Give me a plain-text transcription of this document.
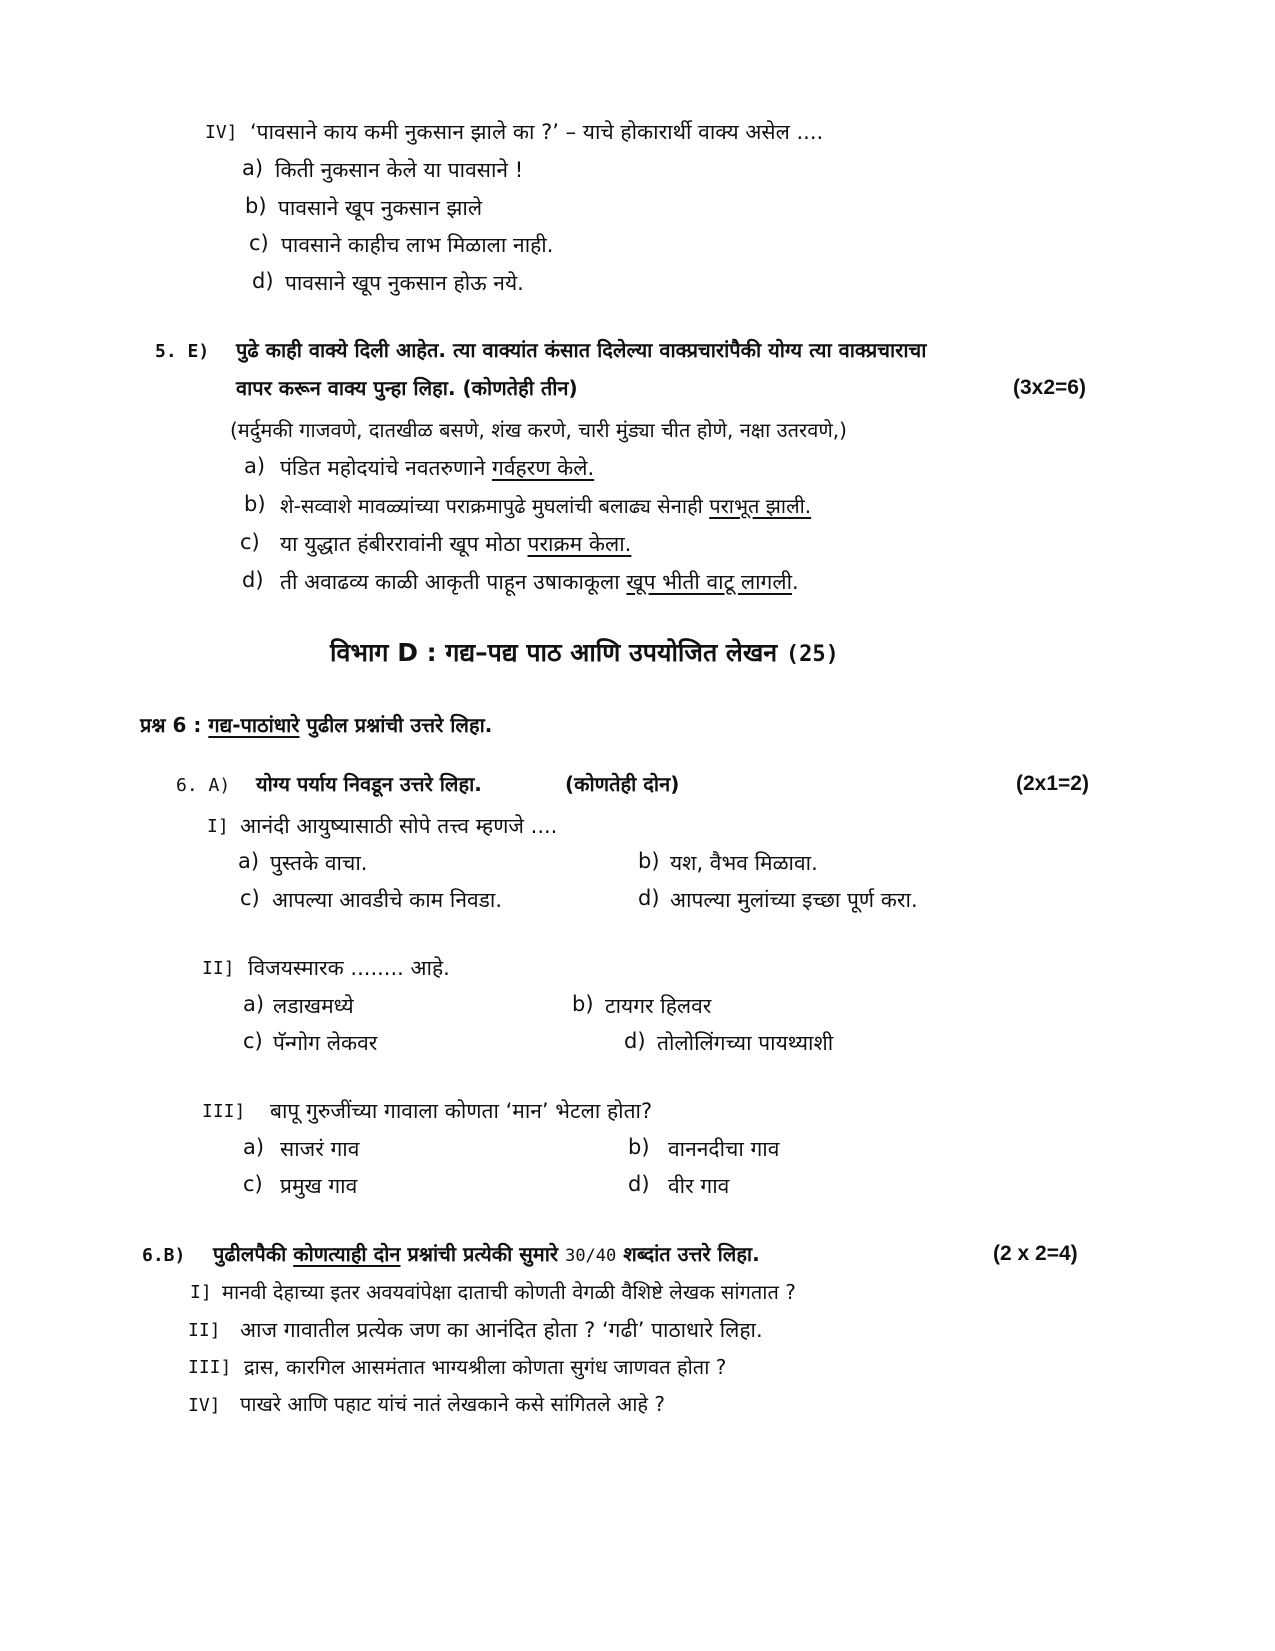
IV] ‘पावसाने काय कमी नुकसान झाले का ?’ – याचे होकारार्थी वाक्य असेल ....
a) किती नुकसान केले या पावसाने !
b) पावसाने खूप नुकसान झाले
c) पावसाने काहीच लाभ मिळाला नाही.
d) पावसाने खूप नुकसान होऊ नये.
5. E) पुढे काही वाक्ये दिली आहेत. त्या वाक्यांत कंसात दिलेल्या वाक्प्रचारांपैकी योग्य त्या वाक्प्रचाराचा
वापर करून वाक्य पुन्हा लिहा. (कोणतेही तीन)	(3x2=6)
(मर्दुमकी गाजवणे, दातखीळ बसणे, शंख करणे, चारी मुंड्या चीत होणे, नक्षा उतरवणे,)
a) पंडित महोदयांचे नवतरुणाने गर्वहरण केले.
b) शे-सव्वाशे मावळ्यांच्या पराक्रमापुढे मुघलांची बलाढ्य सेनाही पराभूत झाली.
c) या युद्धात हंबीररावांनी खूप मोठा पराक्रम केला.
d) ती अवाढव्य काळी आकृती पाहून उषाकाकूला खूप भीती वाटू लागली.
विभाग D : गद्य–पद्य पाठ आणि उपयोजित लेखन (25)
प्रश्न 6 : गद्य-पाठांधारे पुढील प्रश्नांची उत्तरे लिहा.
6. A) योग्य पर्याय निवडून उत्तरे लिहा.	(कोणतेही दोन)	(2x1=2)
I] आनंदी आयुष्यासाठी सोपे तत्त्व म्हणजे ....
a) पुस्तके वाचा.	b) यश, वैभव मिळावा.
c) आपल्या आवडीचे काम निवडा.	d) आपल्या मुलांच्या इच्छा पूर्ण करा.
II] विजयस्मारक ........ आहे.
a) लडाखमध्ये	b) टायगर हिलवर
c) पॅन्गोग लेकवर	d) तोलोलिंगच्या पायथ्याशी
III] बापू गुरुजींच्या गावाला कोणता ‘मान’ भेटला होता?
a) साजरं गाव	b) वाननदीचा गाव
c) प्रमुख गाव	d) वीर गाव
6.B) पुढीलपैकी कोणत्याही दोन प्रश्नांची प्रत्येकी सुमारे 30/40 शब्दांत उत्तरे लिहा.	(2 x 2=4)
I] मानवी देहाच्या इतर अवयवांपेक्षा दाताची कोणती वेगळी वैशिष्टे लेखक सांगतात ?
II] आज गावातील प्रत्येक जण का आनंदित होता ? ‘गढी’ पाठाधारे लिहा.
III] द्रास, कारगिल आसमंतात भाग्यश्रीला कोणता सुगंध जाणवत होता ?
IV] पाखरे आणि पहाट यांचं नातं लेखकाने कसे सांगितले आहे ?
